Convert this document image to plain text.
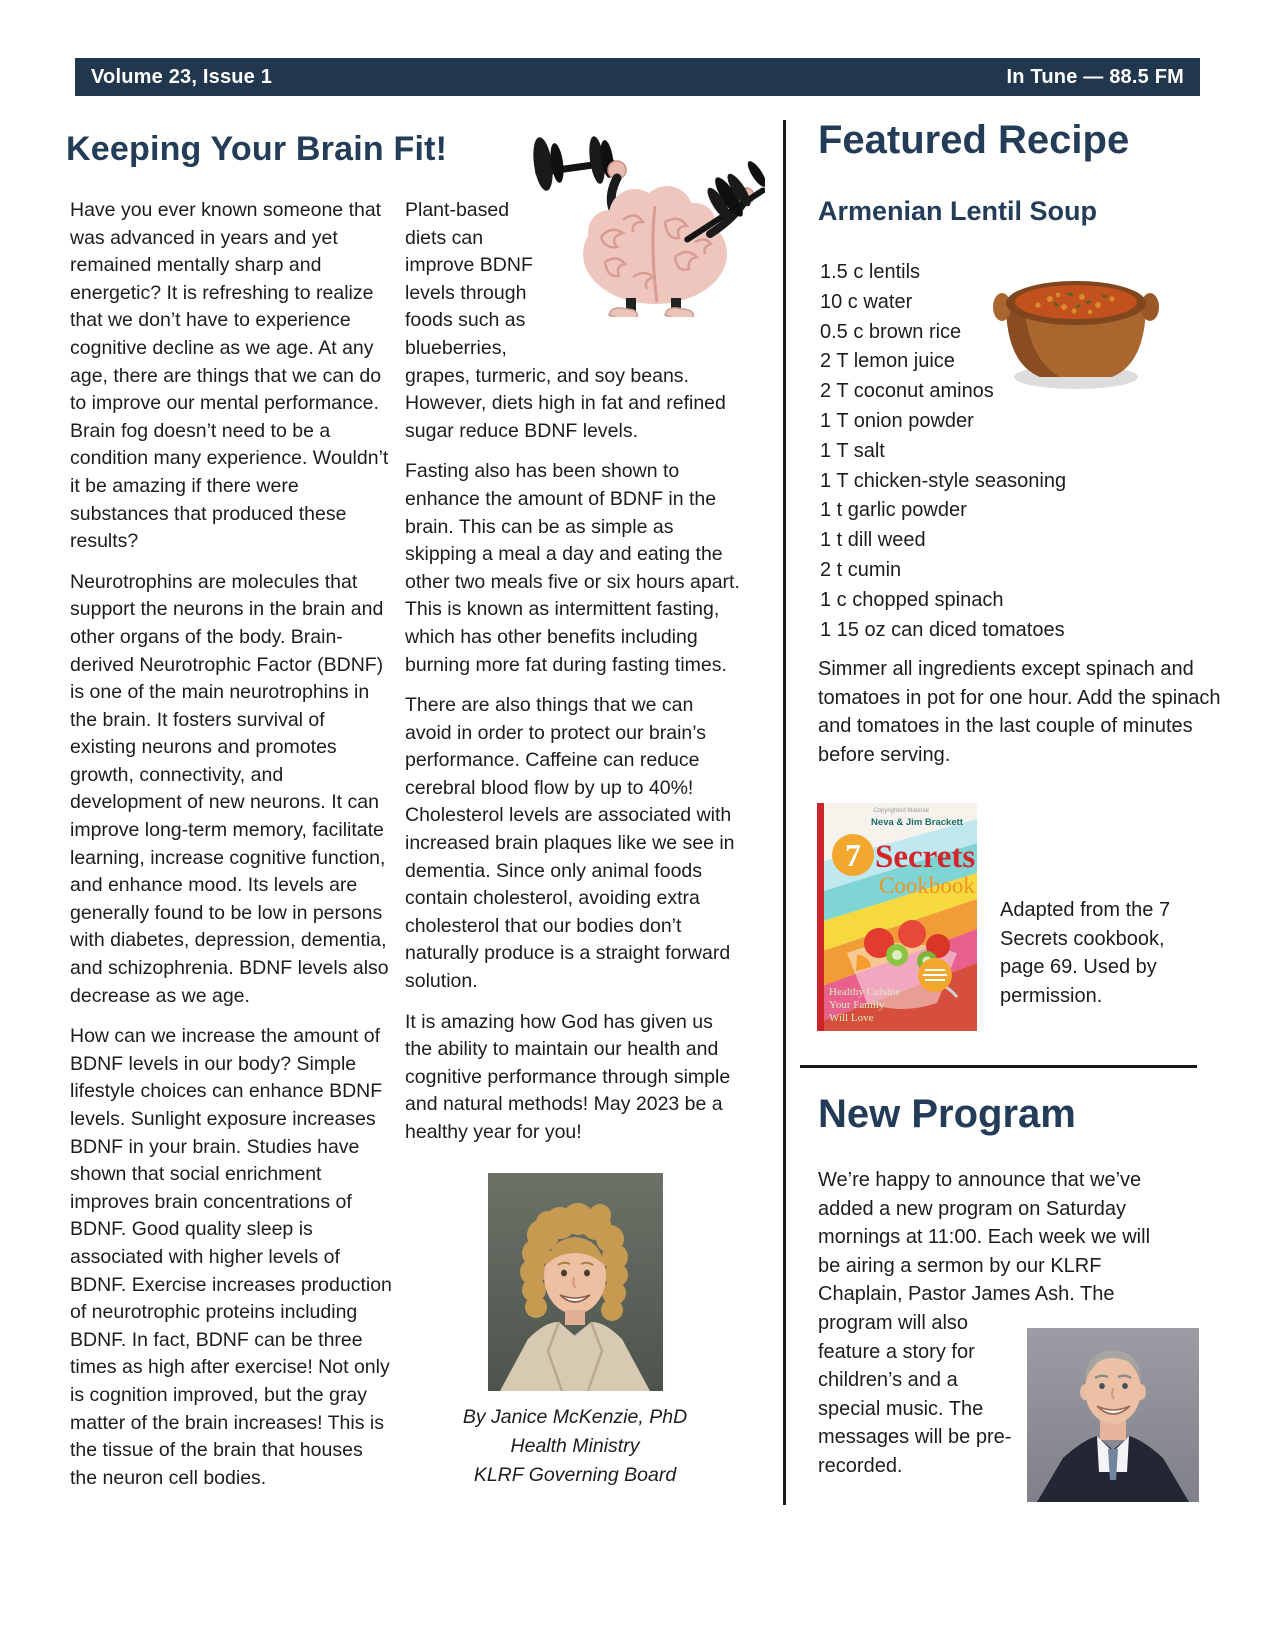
Volume 23, Issue 1	In Tune — 88.5 FM
Keeping Your Brain Fit!

Have you ever known someone that was advanced in years and yet remained mentally sharp and energetic? It is refreshing to realize that we don’t have to experience cognitive decline as we age. At any age, there are things that we can do to improve our mental performance. Brain fog doesn’t need to be a condition many experience. Wouldn’t it be amazing if there were substances that produced these results?

Neurotrophins are molecules that support the neurons in the brain and other organs of the body. Brain-derived Neurotrophic Factor (BDNF) is one of the main neurotrophins in the brain. It fosters survival of existing neurons and promotes growth, connectivity, and development of new neurons. It can improve long-term memory, facilitate learning, increase cognitive function, and enhance mood. Its levels are generally found to be low in persons with diabetes, depression, dementia, and schizophrenia. BDNF levels also decrease as we age.

How can we increase the amount of BDNF levels in our body? Simple lifestyle choices can enhance BDNF levels. Sunlight exposure increases BDNF in your brain. Studies have shown that social enrichment improves brain concentrations of BDNF. Good quality sleep is associated with higher levels of BDNF. Exercise increases production of neurotrophic proteins including BDNF. In fact, BDNF can be three times as high after exercise! Not only is cognition improved, but the gray matter of the brain increases! This is the tissue of the brain that houses the neuron cell bodies.

Plant-based diets can improve BDNF levels through foods such as blueberries, grapes, turmeric, and soy beans. However, diets high in fat and refined sugar reduce BDNF levels.

Fasting also has been shown to enhance the amount of BDNF in the brain. This can be as simple as skipping a meal a day and eating the other two meals five or six hours apart. This is known as intermittent fasting, which has other benefits including burning more fat during fasting times.

There are also things that we can avoid in order to protect our brain’s performance. Caffeine can reduce cerebral blood flow by up to 40%! Cholesterol levels are associated with increased brain plaques like we see in dementia. Since only animal foods contain cholesterol, avoiding extra cholesterol that our bodies don’t naturally produce is a straight forward solution.

It is amazing how God has given us the ability to maintain our health and cognitive performance through simple and natural methods! May 2023 be a healthy year for you!

By Janice McKenzie, PhD
Health Ministry
KLRF Governing Board
Featured Recipe
Armenian Lentil Soup
1.5 c lentils
10 c water
0.5 c brown rice
2 T lemon juice
2 T coconut aminos
1 T onion powder
1 T salt
1 T chicken-style seasoning
1 t garlic powder
1 t dill weed
2 t cumin
1 c chopped spinach
1 15 oz can diced tomatoes
Simmer all ingredients except spinach and tomatoes in pot for one hour. Add the spinach and tomatoes in the last couple of minutes before serving.
Copyrighted Material
Neva & Jim Brackett
7 Secrets
Cookbook
Healthy Cuisine
Your Family
Will Love
Adapted from the 7 Secrets cookbook, page 69. Used by permission.
New Program
We’re happy to announce that we’ve added a new program on Saturday mornings at 11:00. Each week we will be airing a sermon by our KLRF Chaplain, Pastor James Ash. The
program will also feature a story for children’s and a special music. The messages will be pre-recorded.
